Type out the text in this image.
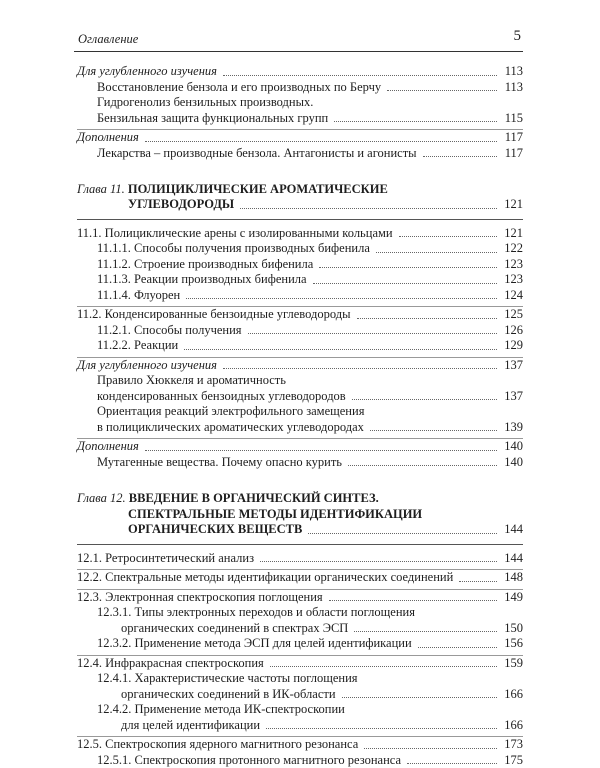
Оглавление	5
Для углубленного изучения	113
Восстановление бензола и его производных по Берчу	113
Гидрогенолиз бензильных производных.
Бензильная защита функциональных групп	115
Дополнения	117
Лекарства – производные бензола. Антагонисты и агонисты	117
Глава 11. ПОЛИЦИКЛИЧЕСКИЕ АРОМАТИЧЕСКИЕ
УГЛЕВОДОРОДЫ	121
11.1. Полициклические арены с изолированными кольцами	121
11.1.1. Способы получения производных бифенила	122
11.1.2. Строение производных бифенила	123
11.1.3. Реакции производных бифенила	123
11.1.4. Флуорен	124
11.2. Конденсированные бензоидные углеводороды	125
11.2.1. Способы получения	126
11.2.2. Реакции	129
Для углубленного изучения	137
Правило Хюккеля и ароматичность
конденсированных бензоидных углеводородов	137
Ориентация реакций электрофильного замещения
в полициклических ароматических углеводородах	139
Дополнения	140
Мутагенные вещества. Почему опасно курить	140
Глава 12. ВВЕДЕНИЕ В ОРГАНИЧЕСКИЙ СИНТЕЗ.
СПЕКТРАЛЬНЫЕ МЕТОДЫ ИДЕНТИФИКАЦИИ
ОРГАНИЧЕСКИХ ВЕЩЕСТВ	144
12.1. Ретросинтетический анализ	144
12.2. Спектральные методы идентификации органических соединений	148
12.3. Электронная спектроскопия поглощения	149
12.3.1. Типы электронных переходов и области поглощения
органических соединений в спектрах ЭСП	150
12.3.2. Применение метода ЭСП для целей идентификации	156
12.4. Инфракрасная спектроскопия	159
12.4.1. Характеристические частоты поглощения
органических соединений в ИК-области	166
12.4.2. Применение метода ИК-спектроскопии
для целей идентификации	166
12.5. Спектроскопия ядерного магнитного резонанса	173
12.5.1. Спектроскопия протонного магнитного резонанса	175
